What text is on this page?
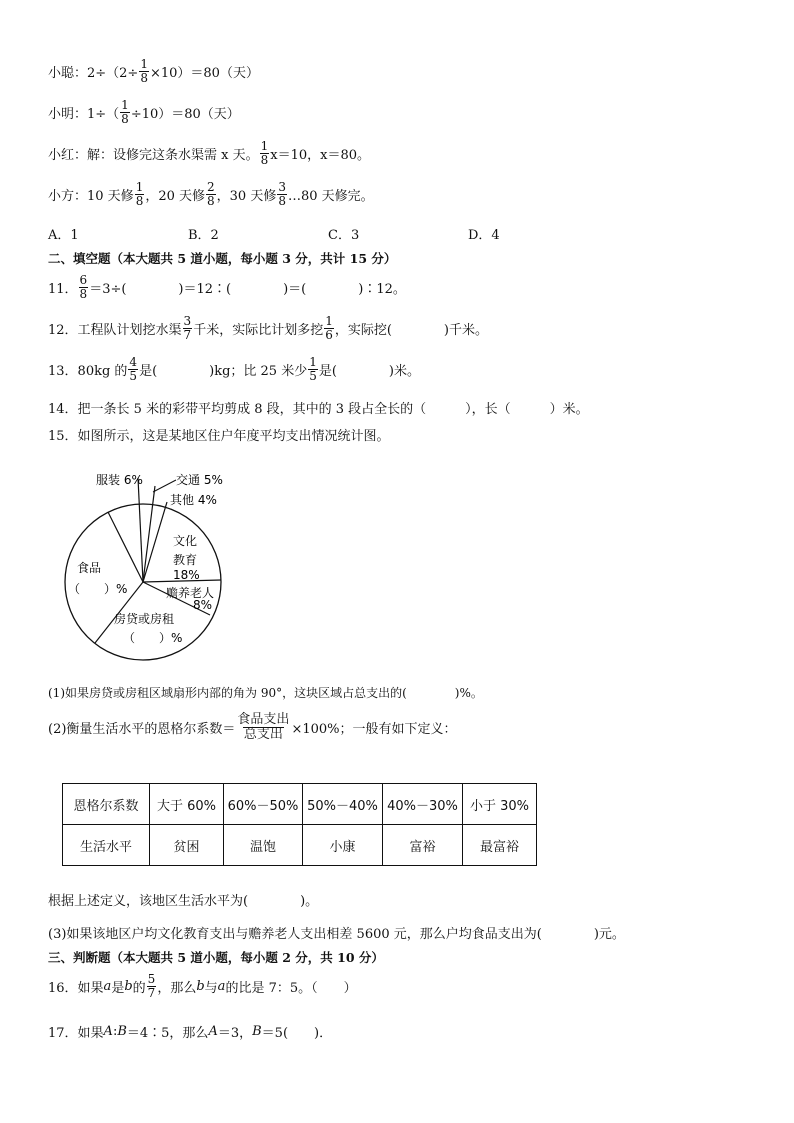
小聪：$2\div(2\div \frac{1}{8} \times 10)=80$（天）
小明：$1\div( \frac{1}{8} \div 10)=80$（天）
小红：解：设修完这条水渠需 x 天。 $\frac{1}{8} x=10$，x＝80。
小方：10 天修 $\frac{1}{8}$ ，20 天修 $\frac{2}{8}$ ，30 天修 $\frac{3}{8}$ …80 天修完。
A．1	B．2	C．3	D．4
二、填空题（本大题共 5 道小题，每小题 3 分，共计 15 分）
11． $\frac{6}{8} =3\div$(　　　　)＝12∶(　　　　)＝(　　　　)∶12。
12．工程队计划挖水渠 $\frac{3}{7}$ 千米，实际比计划多挖 $\frac{1}{6}$ ，实际挖(　　　　)千米。
13．80kg 的 $\frac{4}{5}$ 是(　　　　)kg；比 25 米少 $\frac{1}{5}$ 是(　　　　)米。
14．把一条长 5 米的彩带平均剪成 8 段，其中的 3 段占全长的（　　　），长（　　　）米。
15．如图所示，这是某地区住户年度平均支出情况统计图。
服装 6%	交通 5%
其他 4%
文化
教育
18%
赡养老人
8%
食品
（　　）%
房贷或房租
（　　）%
(1)如果房贷或房租区域扇形内部的角为 90°，这块区域占总支出的(　　　　)%。
(2)衡量生活水平的恩格尔系数＝ $\frac{\text{食品支出}}{\text{总支出}} \times 100\%$；一般有如下定义：
恩格尔系数	大于 60%	60%－50%	50%－40%	40%－30%	小于 30%
生活水平	贫困	温饱	小康	富裕	最富裕
根据上述定义，该地区生活水平为(　　　　)。
(3)如果该地区户均文化教育支出与赡养老人支出相差 5600 元，那么户均食品支出为(　　　　)元。
三、判断题（本大题共 5 道小题，每小题 2 分，共 10 分）
16．如果 a 是 b 的 $\frac{5}{7}$ ，那么 b 与 a 的比是 7：5。（　　）
17．如果 A : B ＝4∶5，那么 A ＝3， B ＝5(　　)．
